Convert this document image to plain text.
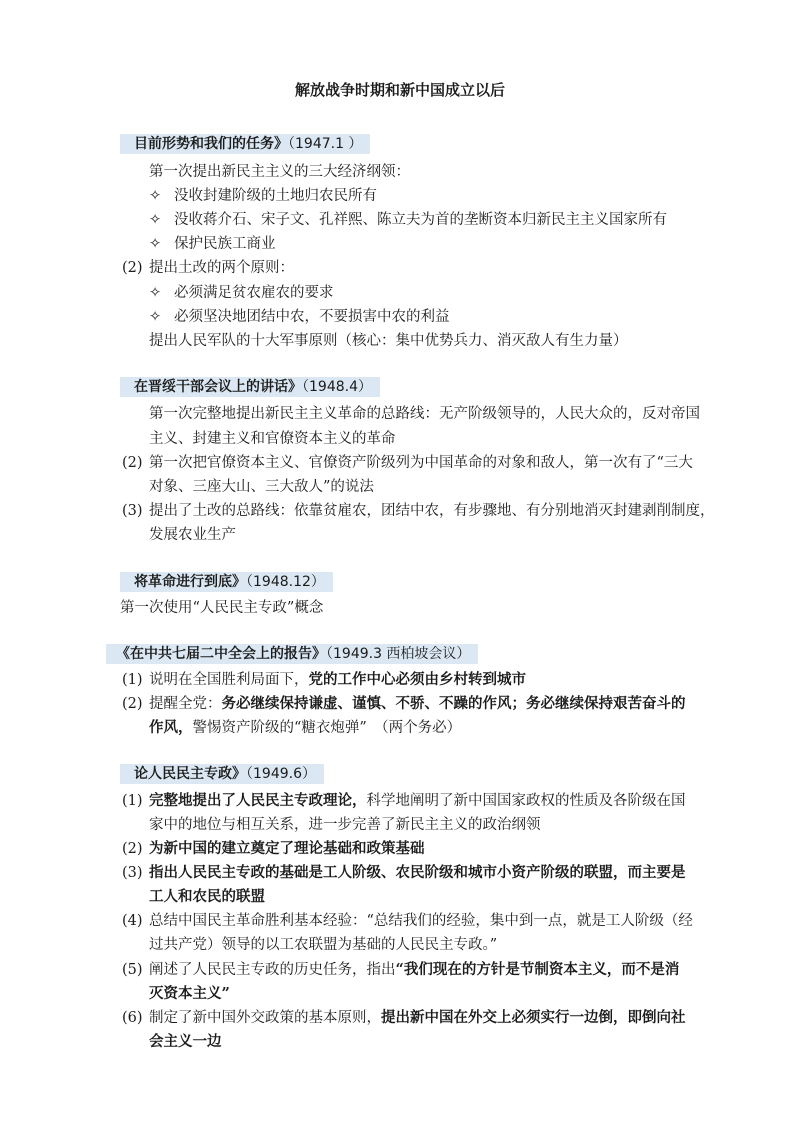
解放战争时期和新中国成立以后
目前形势和我们的任务》（1947.1 ）
第一次提出新民主主义的三大经济纲领：
✧ 没收封建阶级的土地归农民所有
✧ 没收蒋介石、宋子文、孔祥熙、陈立夫为首的垄断资本归新民主主义国家所有
✧ 保护民族工商业
(2) 提出土改的两个原则：
✧ 必须满足贫农雇农的要求
✧ 必须坚决地团结中农，不要损害中农的利益
提出人民军队的十大军事原则（核心：集中优势兵力、消灭敌人有生力量）
在晋绥干部会议上的讲话》（1948.4）
第一次完整地提出新民主主义革命的总路线：无产阶级领导的，人民大众的，反对帝国
主义、封建主义和官僚资本主义的革命
(2) 第一次把官僚资本主义、官僚资产阶级列为中国革命的对象和敌人，第一次有了“三大
对象、三座大山、三大敌人”的说法
(3) 提出了土改的总路线：依靠贫雇农，团结中农，有步骤地、有分别地消灭封建剥削制度，
发展农业生产
将革命进行到底》（1948.12）
第一次使用“人民民主专政”概念
《在中共七届二中全会上的报告》（1949.3 西柏坡会议）
(1) 说明在全国胜利局面下，党的工作中心必须由乡村转到城市
(2) 提醒全党：务必继续保持谦虚、谨慎、不骄、不躁的作风；务必继续保持艰苦奋斗的
作风，警惕资产阶级的“糖衣炮弹”　（两个务必）
论人民民主专政》（1949.6）
(1) 完整地提出了人民民主专政理论，科学地阐明了新中国国家政权的性质及各阶级在国
家中的地位与相互关系，进一步完善了新民主主义的政治纲领
(2) 为新中国的建立奠定了理论基础和政策基础
(3) 指出人民民主专政的基础是工人阶级、农民阶级和城市小资产阶级的联盟，而主要是
工人和农民的联盟
(4) 总结中国民主革命胜利基本经验：“总结我们的经验，集中到一点，就是工人阶级（经
过共产党）领导的以工农联盟为基础的人民民主专政。”
(5) 阐述了人民民主专政的历史任务，指出“我们现在的方针是节制资本主义，而不是消
灭资本主义”
(6) 制定了新中国外交政策的基本原则，提出新中国在外交上必须实行一边倒，即倒向社
会主义一边
